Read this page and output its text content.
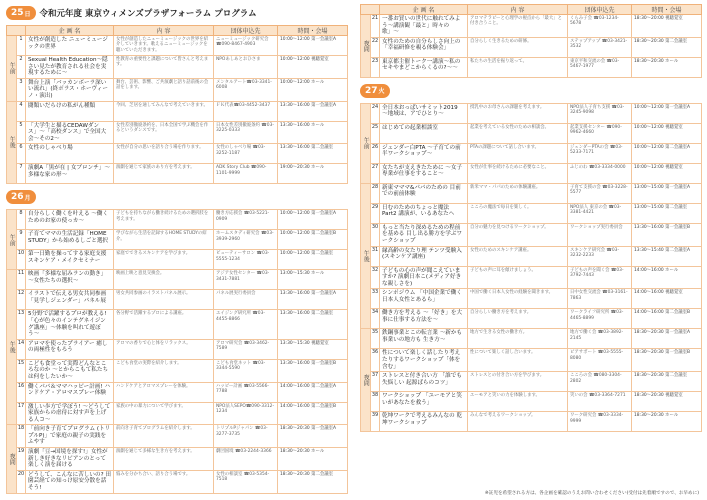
25 日 令和元年度 東京ウィメンズプラザフォーラム プログラム
		企 画 名	内 容	団体申込先	時間・会場
午前	1	女性が創造した ニューミュージックの世界	女性が創造したニューミュージックの世界を紹介していきます。歌えるニューミュージックを聴いていただきます。	ニューミュージック研究会 ☎090-8467-4903	10:00〜12:00 第一会議室A
	2	Sexual Health Education〜隠さい見たが教育される社会を実現するために〜	性教育の重要性と課題について皆さんと考えます。	NPOあしあとおひさま	10:00〜12:00 視聴覚室
	3	舞台上演「バッカンボーラ深いい流れ」(終ポラス・ホーヴィーノ・演出)	舞台、芸術、影響、ご共演劇と語り話前後の会話をします。	メンタルアート☎03-3341-6008	10:00〜12:00 ホール
午後	4	闘類いだらけの私がん種類	今回、芝居を通してみんなで考えていきます。	ＦＫ代表☎03-4452-3437	13:30〜16:00 第一会議室A
	5	「大学生と描るCEDAWダンス」〜「高校ダンス」で全国大会〜その2〜	女性差別撤廃条約を、日本全国で学ぶ機会を作るというダンスです。	日本女性差別撤廃条約 ☎03-3225-0333	13:30〜16:00 ホール
	6	女性のしゃべり場	女性が自分の思いを語り合う場を作ります。	女性のしゃべり場 ☎03-3252-1187	13:30〜16:00 第二会議室
	7	演劇A「黒が在 | 女ブロンチ」〜多様な家の形〜	演劇を通じて家族のあり方を考えます。	ADK Story Club ☎090-1101-9999	19:00〜20:30 ホール
26 月
午前	8	自分らしく働くを叶える 〜働くためのお家の使っカ〜	子どもを持ちながら働き続けるための選択肢を考えます。	働き方応援会 ☎03-5221-0909	10:00〜12:00 第一会議室A
	9	子育てママの生活記録「HOME STUDY」から始めるしごと選択	学びながら生活を記録するHOME STUDYの紹介。	ホームスタディ研究会 ☎03-3939-2960	10:00〜12:00 第二会議室B
	10	第一日勤を操ってする家庭支援 スキンケア・メイクセミナー	家庭でできるスキンケアを学びます。	ビューティーサロン ☎03-5555-1234	10:00〜12:00 第二会議室
午後	11	映画「多様な屈みランの動き」 〜女性たちの選択〜	映画上映と意見交換会。	アジア女性センター ☎03-3431-7881	13:00〜15:30 ホール
	12	イラストで伝える男女共同参画 「見学しジェンダー」パネル展	男女共同参画のイラストパネル展示。	パネル展実行委員会	13:30〜16:00 第一会議室A
	13	5分野で活躍するプロが教える! 「心が色々のインテグネイジング講座」〜体験を叫れて遊ぼう〜	各分野で活躍するプロによる講座。	エイジング研究所 ☎03-4455-8866	13:30〜16:00 第二会議室
	14	アロマを使ったプライアー 癒しの両極性をもろう	アロマの香りで心と体をリラックス。	アロマ研究会 ☎03-3462-7589	13:30〜15:30 視聴覚室
	15	こども食堂って実際どんなところなのか 〜とからこもて私たちは何をしたいか〜	こども食堂の実際を紹介します。	こども食堂ネット ☎03-3344-5590	13:30〜16:00 第一会議室B
	16	働くパパ＆ママハッピー計画! ハンドケア・アロマスプレー体験	ハンドケアとアロマスプレーを体験。	ハッピー計画 ☎03-5566-7788	14:00〜16:00 第二会議室A
	17	激しい歩方で学ぼう! 〜どうして家族からの虐待に対す声を上げる人コ〜	家族の中の暴力について学びます。	NPO法人SEPO☎090-3312-1234	14:00〜16:00 第二会議室B
夜間	18	「前向き子育てプログラム (トリプルP)」で家庭の親子の実践をふやす	前向き子育てプログラムを紹介します。	トリプルPジャパン ☎03-3277-3735	18:30〜20:30 第一会議室A
	19	演劇「豆→国境を探す!」女性が新しき好きなリビアンのとって楽しく演を届ける	演劇を通じて多様な生き方を考えます。	劇団国境 ☎03-2244-3366	18:30〜20:30 ホール
	20	どうして、こんなに苦しいの? 田園芸経ての知っけ原安分散を話そう!	悩みを分かち合い、語り合う場です。	女性の相談室 ☎03-5354-7518	18:30〜20:30 第二会議室
		企 画 名	内 容	団体申込先	時間・会場
夜間	21	一番お買いの世代に触れてみよう〜講演観「最と」時々の歌」〜	アロマテラピーと心理学の視点から「最大」と付き合うこと。	くらみ子会 ☎03-1234-5678	18:30〜20:00 視聴覚室
	22	女性のための自分らしさ向上の「幸福研修を覗る体験会」	自分らしく生きるための研修。	ステップアップ ☎03-3421-3532	18:30〜20:30 第二会議室
	23	東京都主催トーク一講演〜私のセキやまどこからくるの?〜〜	私たちの生活を振り返って。	東京平和交流の会 ☎03-5467-1977	18:30〜20:30 ホール
27 火
午前	24	全日本おっぱいサミット2019 〜地域は、アでひとり〜	授乳中のお母さんの課題を考えます。	NPO法人子育ち支援 ☎03-3245-9098	10:00〜12:00 第一会議室A
	25	はじめての起業相談室	起業を考えている女性のための相談会。	起業支援センター ☎090-9962-4660	10:00〜12:00 視聴覚室
	26	ジェンダー白PTA 〜子育ての前半ワークショップ〜	PTAの課題について話し合います。	ジェンダーPTAの会 ☎03-5233-7171	10:00〜12:00 第二会議室A
	27	女たちが支えきたために 〜女子専業が仕事をすること〜	女性が仕事を続けるために必要なこと。	ふじのわ ☎03-3334-0000	10:00〜12:00 視聴覚室
午後	28	新東マママ&パパのための 目前での前前体験	新米ママ・パパのための体験講座。	子育て支援の会 ☎03-3228-5577	13:00〜15:00 第一会議室A
	29	日むのためのちょっと魔法 Part2 講演が、いるあなたへ	こころの魔法で毎日を楽しく。	NPO法人 東京の会 ☎03-3381-4421	13:00〜15:00 第二会議室
	30	もっと当たり深めるための程前を基める 目し出る勝方を学ぶワークショップ	自分の魅力を見つけるワークショップ。	ワークショップ実行委員会	13:30〜16:00 第一会議室B
	31	縁高齢の女たり理 テンツ受験入 (スキンケア講座)	女性のためのスキンケア講座。	スキンケア研究会 ☎03-3232-2233	13:30〜15:40 第二会議室A
	32	子どもの心の声が聞こえていますか? 演劇日本こ(メディア好きな親しさを)	子どもの声に耳を傾けましょう。	子どもの声を聞く会 ☎03-3792-7443	14:00〜16:00 ホール
	33	シンポジウム 「中国企業で働く日本人女性とあるら」	中国で働く日本人女性の経験を聞きます。	日中女性交流会 ☎03-3161-7863	14:00〜16:00 視聴覚室
	34	働き方を考える 〜「好き」を大事に仕事する方法を〜	自分らしい働き方を考えます。	ワークライフ研究所 ☎03-4465-8899	14:00〜16:00 第二会議室B
夜間	35	鉄鋼事業とこの転言業 〜新かも事業いの地方も 生き方〜	地方で生きる女性の働き方。	地方で働く会 ☎03-3892-2145	18:30〜20:30 第一会議室A
	36	性について楽しく話したり考えたりするワークショップ「体を含む」	性について楽しく話し合います。	ピアサポート ☎03-5555-8080	18:30〜20:30 第一会議室B
	37	ストレスと付き合い方 「誰でも 失悩しい 起源ばらのコツ」	ストレスとの付き合い方を学びます。	こころの会 ☎080-3304-2802	18:30〜20:30 第二会議室
	38	ワークショップ 「ユーモアと笑いがあなたを救う」	ユーモアと笑いの力を体験します。	笑いの会 ☎03-3364-7271	18:30〜20:30 視聴覚室
	39	乾坤ワークで考えるみんなの 乾坤ワークショップ	みんなで考えるワークショップ。	ワーク研究会 ☎03-3334-9999	18:30〜20:30 ホール
※託児を希望される方は、各企画を確認のうえお問い合わせください(受付は先着順ですので、お早めに)
